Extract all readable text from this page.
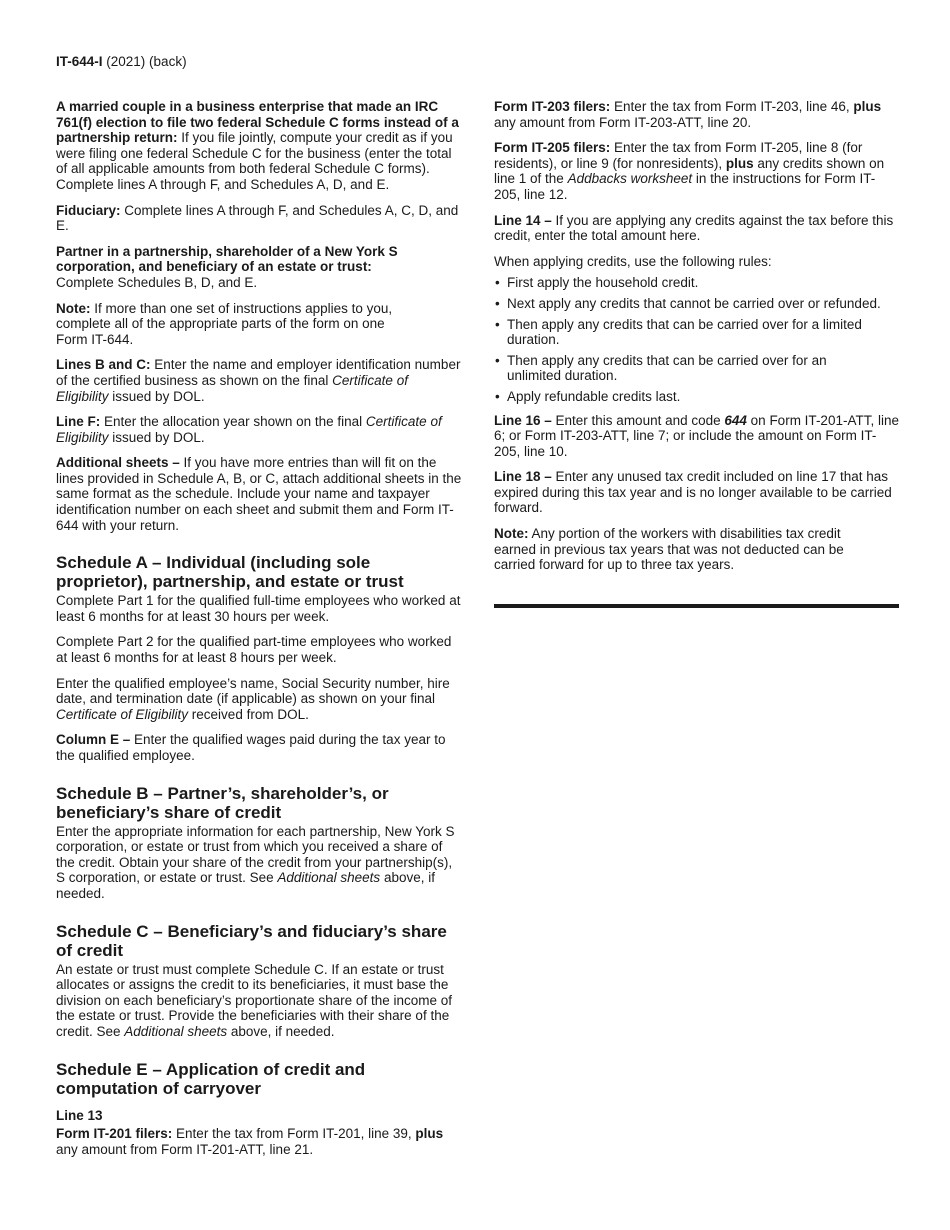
IT-644-I (2021) (back)

A married couple in a business enterprise that made an IRC 761(f) election to file two federal Schedule C forms instead of a partnership return: If you file jointly, compute your credit as if you were filing one federal Schedule C for the business (enter the total of all applicable amounts from both federal Schedule C forms). Complete lines A through F, and Schedules A, D, and E.

Fiduciary: Complete lines A through F, and Schedules A, C, D, and E.

Partner in a partnership, shareholder of a New York S corporation, and beneficiary of an estate or trust: Complete Schedules B, D, and E.

Note: If more than one set of instructions applies to you, complete all of the appropriate parts of the form on one Form IT-644.

Lines B and C: Enter the name and employer identification number of the certified business as shown on the final Certificate of Eligibility issued by DOL.

Line F: Enter the allocation year shown on the final Certificate of Eligibility issued by DOL.

Additional sheets – If you have more entries than will fit on the lines provided in Schedule A, B, or C, attach additional sheets in the same format as the schedule. Include your name and taxpayer identification number on each sheet and submit them and Form IT-644 with your return.

Schedule A – Individual (including sole proprietor), partnership, and estate or trust

Complete Part 1 for the qualified full-time employees who worked at least 6 months for at least 30 hours per week.

Complete Part 2 for the qualified part-time employees who worked at least 6 months for at least 8 hours per week.

Enter the qualified employee’s name, Social Security number, hire date, and termination date (if applicable) as shown on your final Certificate of Eligibility received from DOL.

Column E – Enter the qualified wages paid during the tax year to the qualified employee.

Schedule B – Partner’s, shareholder’s, or beneficiary’s share of credit

Enter the appropriate information for each partnership, New York S corporation, or estate or trust from which you received a share of the credit. Obtain your share of the credit from your partnership(s), S corporation, or estate or trust. See Additional sheets above, if needed.

Schedule C – Beneficiary’s and fiduciary’s share of credit

An estate or trust must complete Schedule C. If an estate or trust allocates or assigns the credit to its beneficiaries, it must base the division on each beneficiary’s proportionate share of the income of the estate or trust. Provide the beneficiaries with their share of the credit. See Additional sheets above, if needed.

Schedule E – Application of credit and computation of carryover
Line 13

Form IT-201 filers: Enter the tax from Form IT-201, line 39, plus any amount from Form IT-201-ATT, line 21.

Form IT-203 filers: Enter the tax from Form IT-203, line 46, plus any amount from Form IT-203-ATT, line 20.

Form IT-205 filers: Enter the tax from Form IT-205, line 8 (for residents), or line 9 (for nonresidents), plus any credits shown on line 1 of the Addbacks worksheet in the instructions for Form IT-205, line 12.

Line 14 – If you are applying any credits against the tax before this credit, enter the total amount here.

When applying credits, use the following rules:

• First apply the household credit.
• Next apply any credits that cannot be carried over or refunded.
• Then apply any credits that can be carried over for a limited duration.
• Then apply any credits that can be carried over for an unlimited duration.
• Apply refundable credits last.

Line 16 – Enter this amount and code 644 on Form IT-201-ATT, line 6; or Form IT-203-ATT, line 7; or include the amount on Form IT-205, line 10.

Line 18 – Enter any unused tax credit included on line 17 that has expired during this tax year and is no longer available to be carried forward.

Note: Any portion of the workers with disabilities tax credit earned in previous tax years that was not deducted can be carried forward for up to three tax years.
